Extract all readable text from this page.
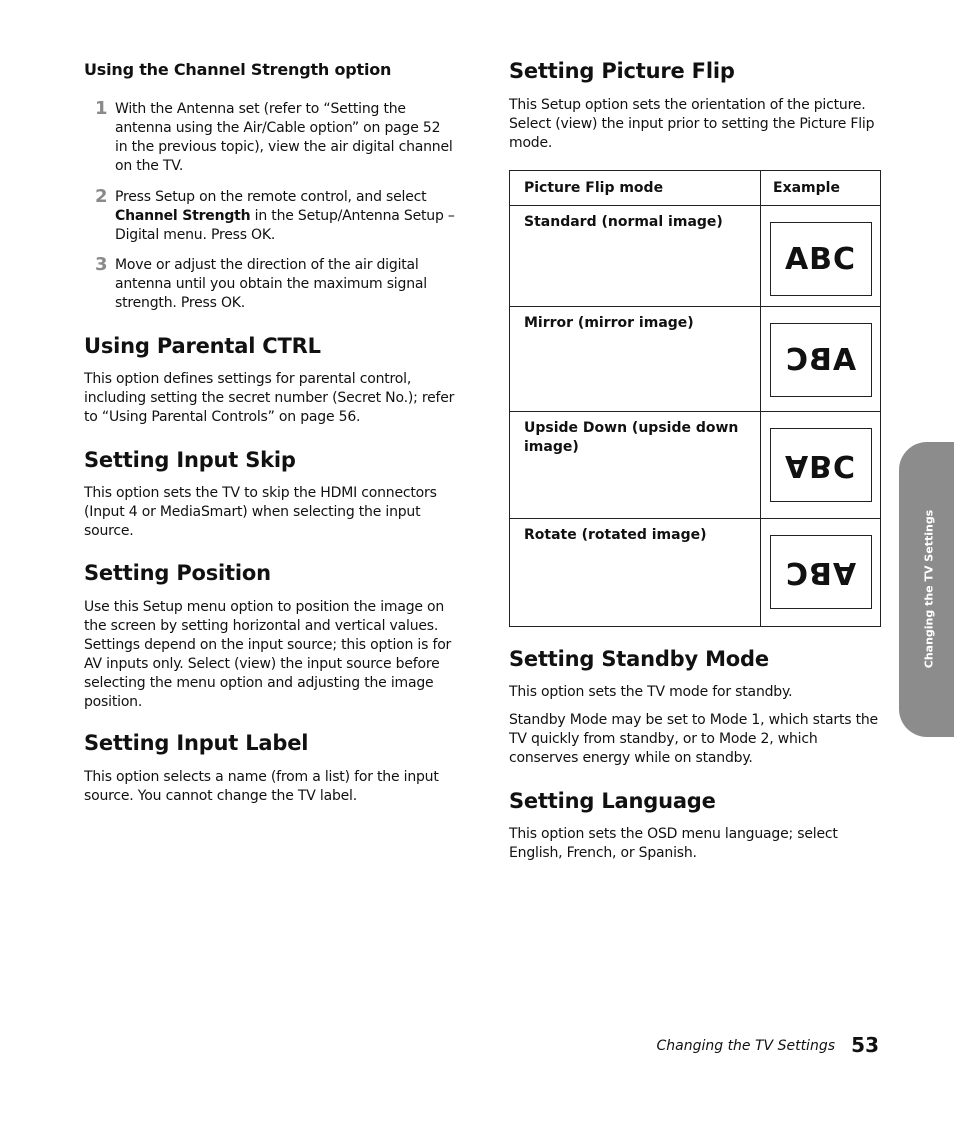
Using the Channel Strength option
1 With the Antenna set (refer to “Setting the antenna using the Air/Cable option” on page 52 in the previous topic), view the air digital channel on the TV.
2 Press Setup on the remote control, and select Channel Strength in the Setup/Antenna Setup – Digital menu. Press OK.
3 Move or adjust the direction of the air digital antenna until you obtain the maximum signal strength. Press OK.
Using Parental CTRL

This option defines settings for parental control, including setting the secret number (Secret No.); refer to “Using Parental Controls” on page 56.

Setting Input Skip

This option sets the TV to skip the HDMI connectors (Input 4 or MediaSmart) when selecting the input source.

Setting Position

Use this Setup menu option to position the image on the screen by setting horizontal and vertical values. Settings depend on the input source; this option is for AV inputs only. Select (view) the input source before selecting the menu option and adjusting the image position.

Setting Input Label

This option selects a name (from a list) for the input source. You cannot change the TV label.

Setting Picture Flip

This Setup option sets the orientation of the picture. Select (view) the input prior to setting the Picture Flip mode.

Picture Flip mode	Example
Standard (normal image)	ABC

Mirror (mirror image)	ABC

Upside Down (upside down image)	ABC

Rotate (rotated image)	ABC
Setting Standby Mode

This option sets the TV mode for standby.

Standby Mode may be set to Mode 1, which starts the TV quickly from standby, or to Mode 2, which conserves energy while on standby.

Setting Language

This option sets the OSD menu language; select English, French, or Spanish.

Changing the TV Settings
Changing the TV Settings 53
